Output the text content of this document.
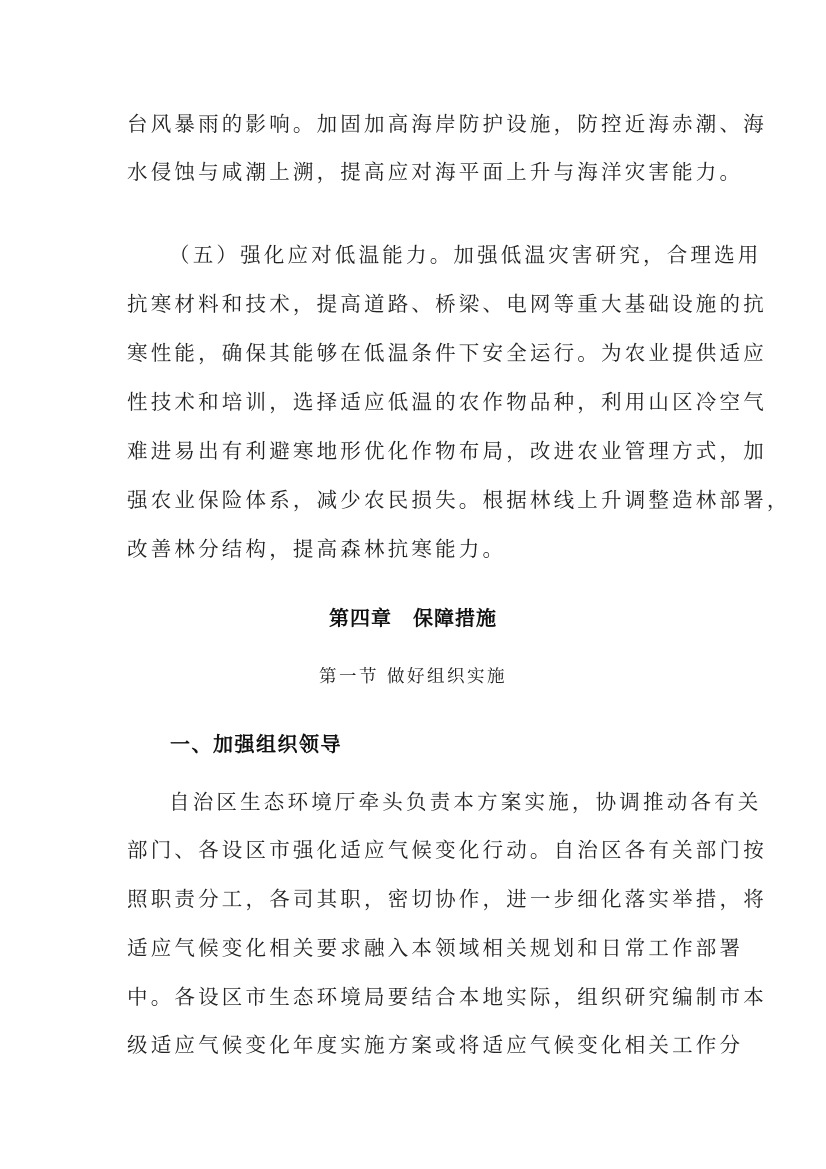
台风暴雨的影响。加固加高海岸防护设施，防控近海赤潮、海
水侵蚀与咸潮上溯，提高应对海平面上升与海洋灾害能力。
（五）强化应对低温能力。加强低温灾害研究，合理选用
抗寒材料和技术，提高道路、桥梁、电网等重大基础设施的抗
寒性能，确保其能够在低温条件下安全运行。为农业提供适应
性技术和培训，选择适应低温的农作物品种，利用山区冷空气
难进易出有利避寒地形优化作物布局，改进农业管理方式，加
强农业保险体系，减少农民损失。根据林线上升调整造林部署，
改善林分结构，提高森林抗寒能力。
第四章　保障措施
第一节 做好组织实施
一、加强组织领导
自治区生态环境厅牵头负责本方案实施，协调推动各有关
部门、各设区市强化适应气候变化行动。自治区各有关部门按
照职责分工，各司其职，密切协作，进一步细化落实举措，将
适应气候变化相关要求融入本领域相关规划和日常工作部署
中。各设区市生态环境局要结合本地实际，组织研究编制市本
级适应气候变化年度实施方案或将适应气候变化相关工作分
